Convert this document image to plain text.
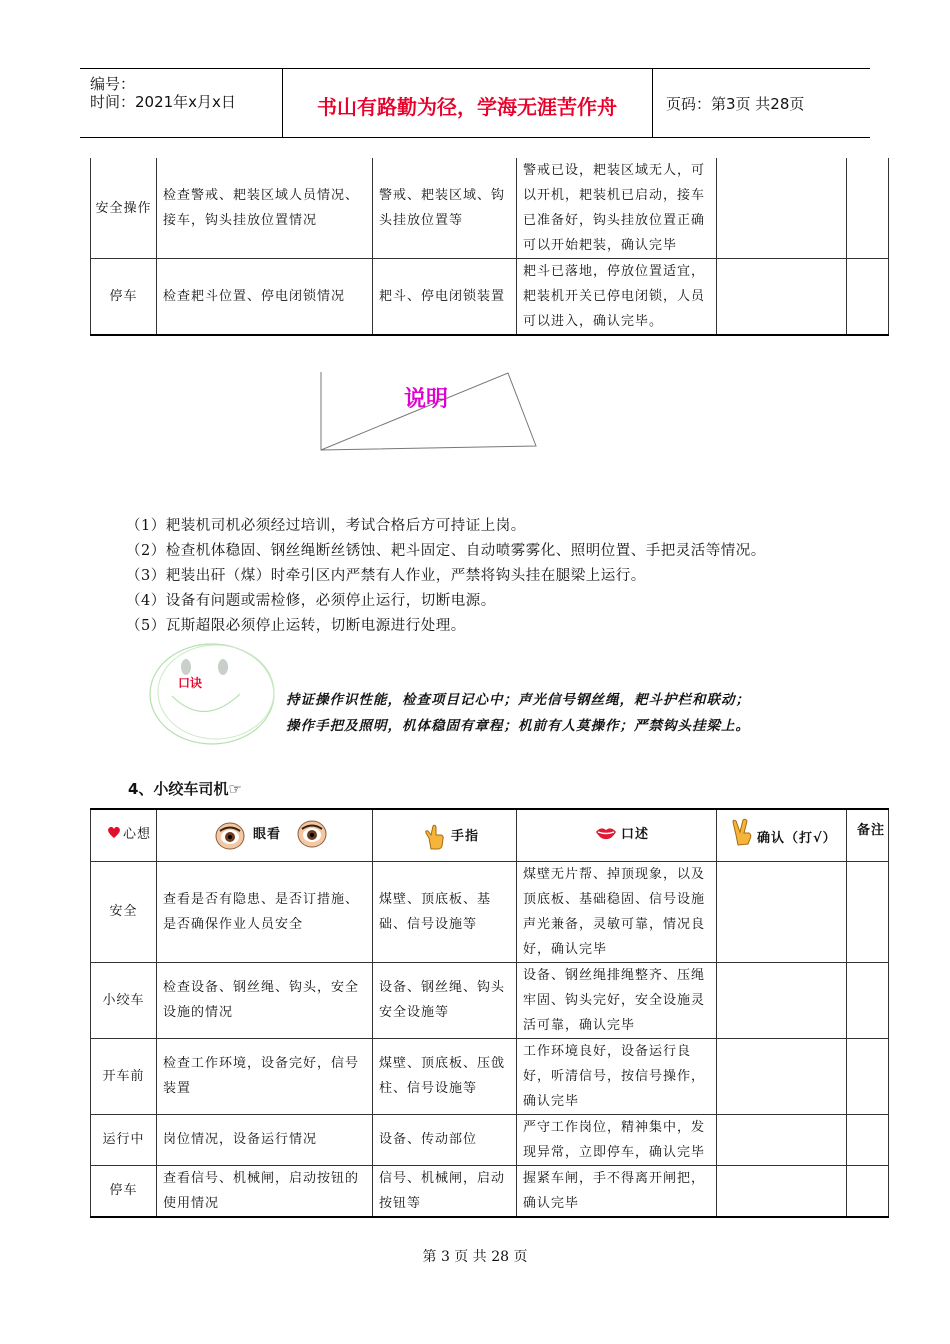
编号：
时间：2021年x月x日	书山有路勤为径，学海无涯苦作舟	页码：第3页 共28页
安全操作	检查警戒、耙装区域人员情况、接车，钩头挂放位置情况	警戒、耙装区域、钩头挂放位置等	警戒已设，耙装区域无人，可以开机，耙装机已启动，接车已准备好，钩头挂放位置正确可以开始耙装，确认完毕		
停车	检查耙斗位置、停电闭锁情况	耙斗、停电闭锁装置	耙斗已落地，停放位置适宜，耙装机开关已停电闭锁，人员可以进入，确认完毕。		
说明
（1）耙装机司机必须经过培训，考试合格后方可持证上岗。
（2）检查机体稳固、钢丝绳断丝锈蚀、耙斗固定、自动喷雾雾化、照明位置、手把灵活等情况。
（3）耙装出矸（煤）时牵引区内严禁有人作业，严禁将钩头挂在腿梁上运行。
（4）设备有问题或需检修，必须停止运行，切断电源。
（5）瓦斯超限必须停止运转，切断电源进行处理。
口诀
持证操作识性能，检查项目记心中；声光信号钢丝绳，耙斗护栏和联动；
操作手把及照明，机体稳固有章程；机前有人莫操作；严禁钩头挂梁上。
4、小绞车司机☞
心想	眼看	手指	口述	确认（打√）	备注

安全	查看是否有隐患、是否订措施、是否确保作业人员安全	煤壁、顶底板、基础、信号设施等	煤壁无片帮、掉顶现象，以及顶底板、基础稳固、信号设施声光兼备，灵敏可靠，情况良好，确认完毕		
小绞车	检查设备、钢丝绳、钩头，安全设施的情况	设备、钢丝绳、钩头安全设施等	设备、钢丝绳排绳整齐、压绳牢固、钩头完好，安全设施灵活可靠，确认完毕		
开车前	检查工作环境，设备完好，信号装置	煤壁、顶底板、压戗柱、信号设施等	工作环境良好，设备运行良好，听清信号，按信号操作，确认完毕		
运行中	岗位情况，设备运行情况	设备、传动部位	严守工作岗位，精神集中，发现异常，立即停车，确认完毕		
停车	查看信号、机械闸，启动按钮的使用情况	信号、机械闸，启动按钮等	握紧车闸，手不得离开闸把，确认完毕		
第 3 页 共 28 页
